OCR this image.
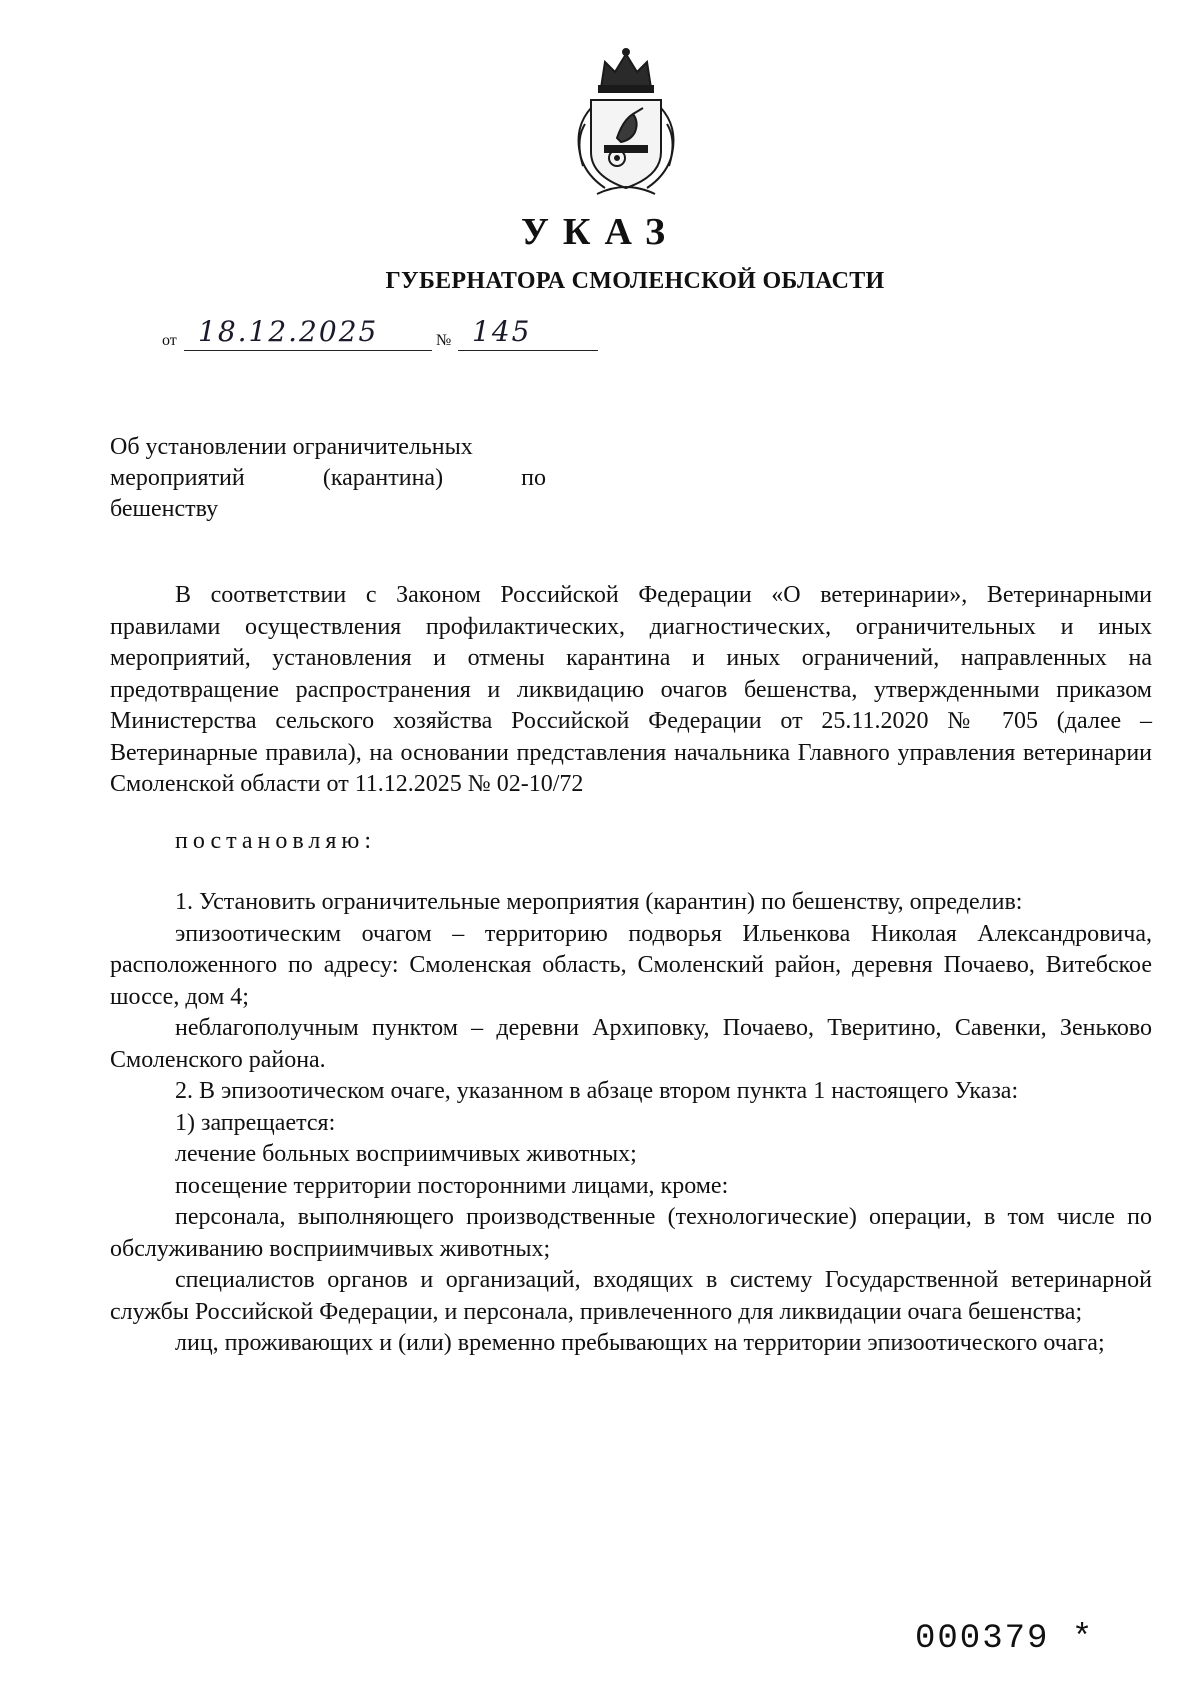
УКАЗ
ГУБЕРНАТОРА СМОЛЕНСКОЙ ОБЛАСТИ
от 18.12.2025	№ 145
Об установлении ограничительных
мероприятий (карантина) по
бешенству

В соответствии с Законом Российской Федерации «О ветеринарии», Ветеринарными правилами осуществления профилактических, диагностических, ограничительных и иных мероприятий, установления и отмены карантина и иных ограничений, направленных на предотвращение распространения и ликвидацию очагов бешенства, утвержденными приказом Министерства сельского хозяйства Российской Федерации от 25.11.2020 № 705 (далее – Ветеринарные правила), на основании представления начальника Главного управления ветеринарии Смоленской области от 11.12.2025 № 02-10/72

постановляю:

1. Установить ограничительные мероприятия (карантин) по бешенству, определив:

эпизоотическим очагом – территорию подворья Ильенкова Николая Александровича, расположенного по адресу: Смоленская область, Смоленский район, деревня Почаево, Витебское шоссе, дом 4;

неблагополучным пунктом – деревни Архиповку, Почаево, Тверитино, Савенки, Зеньково Смоленского района.

2. В эпизоотическом очаге, указанном в абзаце втором пункта 1 настоящего Указа:

1) запрещается:

лечение больных восприимчивых животных;

посещение территории посторонними лицами, кроме:

персонала, выполняющего производственные (технологические) операции, в том числе по обслуживанию восприимчивых животных;

специалистов органов и организаций, входящих в систему Государственной ветеринарной службы Российской Федерации, и персонала, привлеченного для ликвидации очага бешенства;

лиц, проживающих и (или) временно пребывающих на территории эпизоотического очага;

000379 *
